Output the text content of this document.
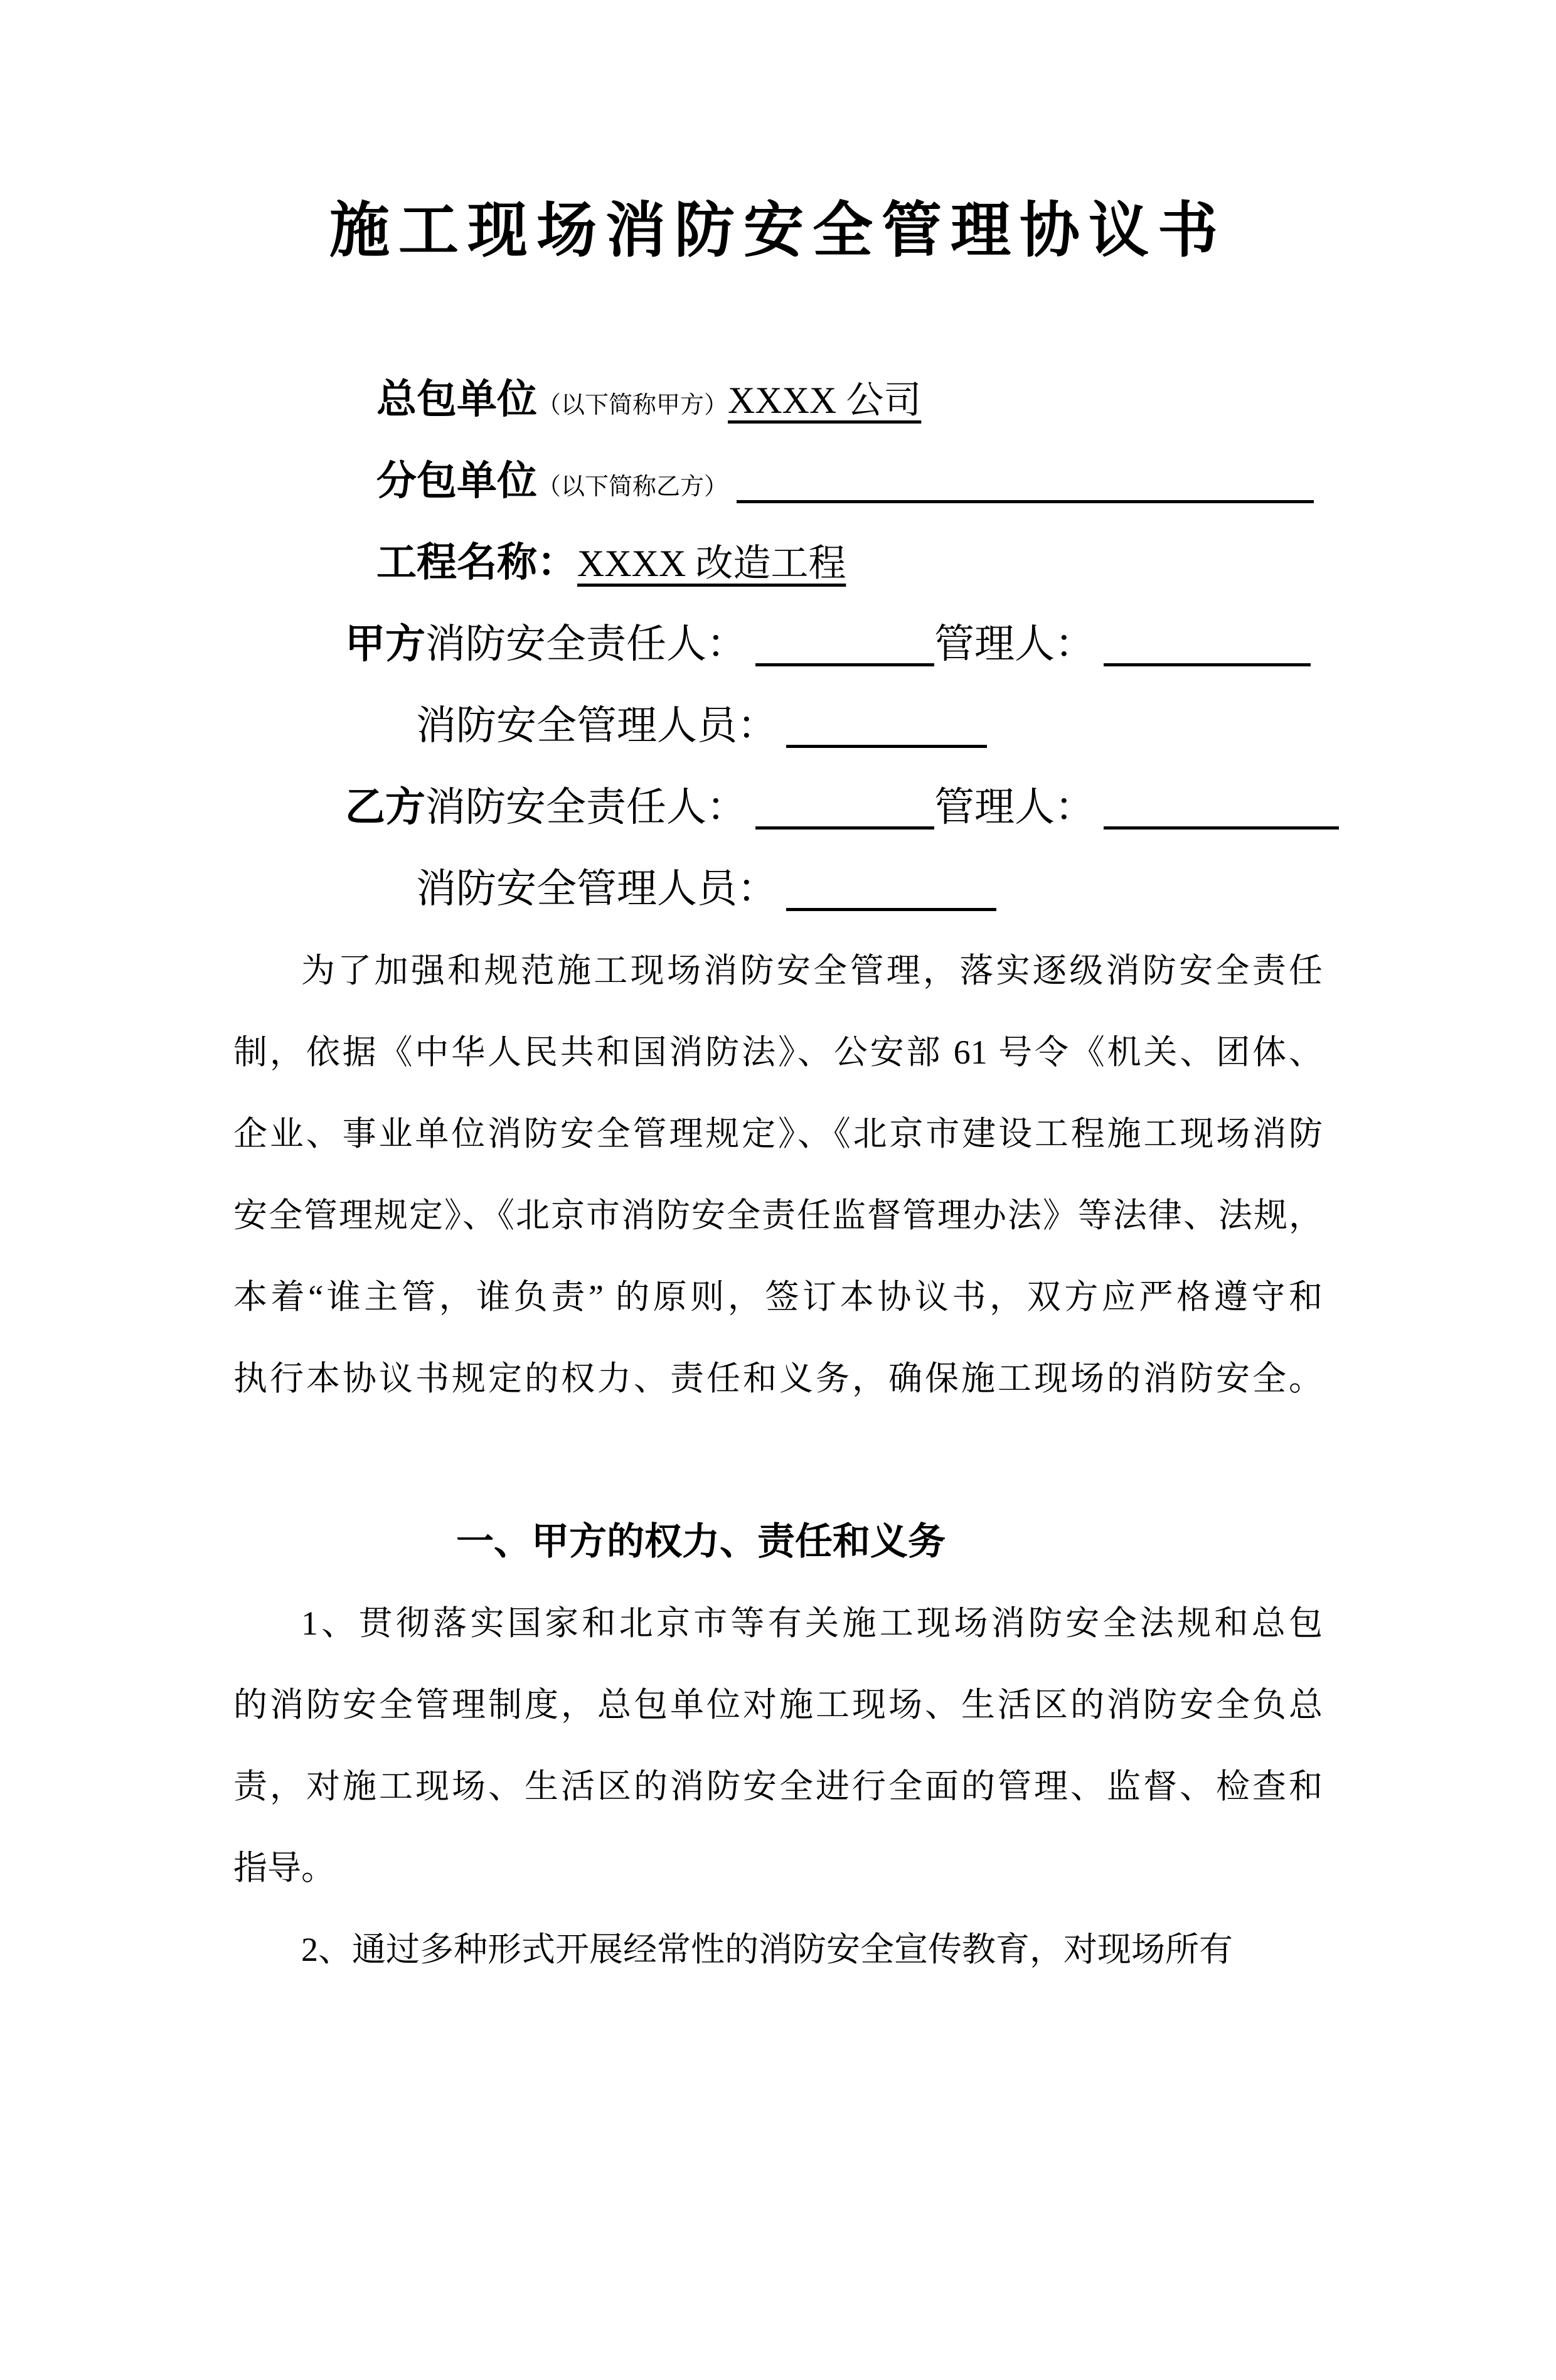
施工现场消防安全管理协议书
总包单位（以下简称甲方）XXXX 公司
分包单位（以下简称乙方）
工程名称：XXXX 改造工程
甲方消防安全责任人：	管理人：
消防安全管理人员：
乙方消防安全责任人：	管理人：
消防安全管理人员：
为了加强和规范施工现场消防安全管理，落实逐级消防安全责任
制，依据《中华人民共和国消防法》、公安部 61 号令《机关、团体、
企业、事业单位消防安全管理规定》、《北京市建设工程施工现场消防
安全管理规定》、《北京市消防安全责任监督管理办法》等法律、法规，
本着“谁主管，谁负责” 的原则，签订本协议书，双方应严格遵守和
执行本协议书规定的权力、责任和义务，确保施工现场的消防安全。
一、甲方的权力、责任和义务
1、贯彻落实国家和北京市等有关施工现场消防安全法规和总包
的消防安全管理制度，总包单位对施工现场、生活区的消防安全负总
责，对施工现场、生活区的消防安全进行全面的管理、监督、检查和
指导。
2、通过多种形式开展经常性的消防安全宣传教育，对现场所有
